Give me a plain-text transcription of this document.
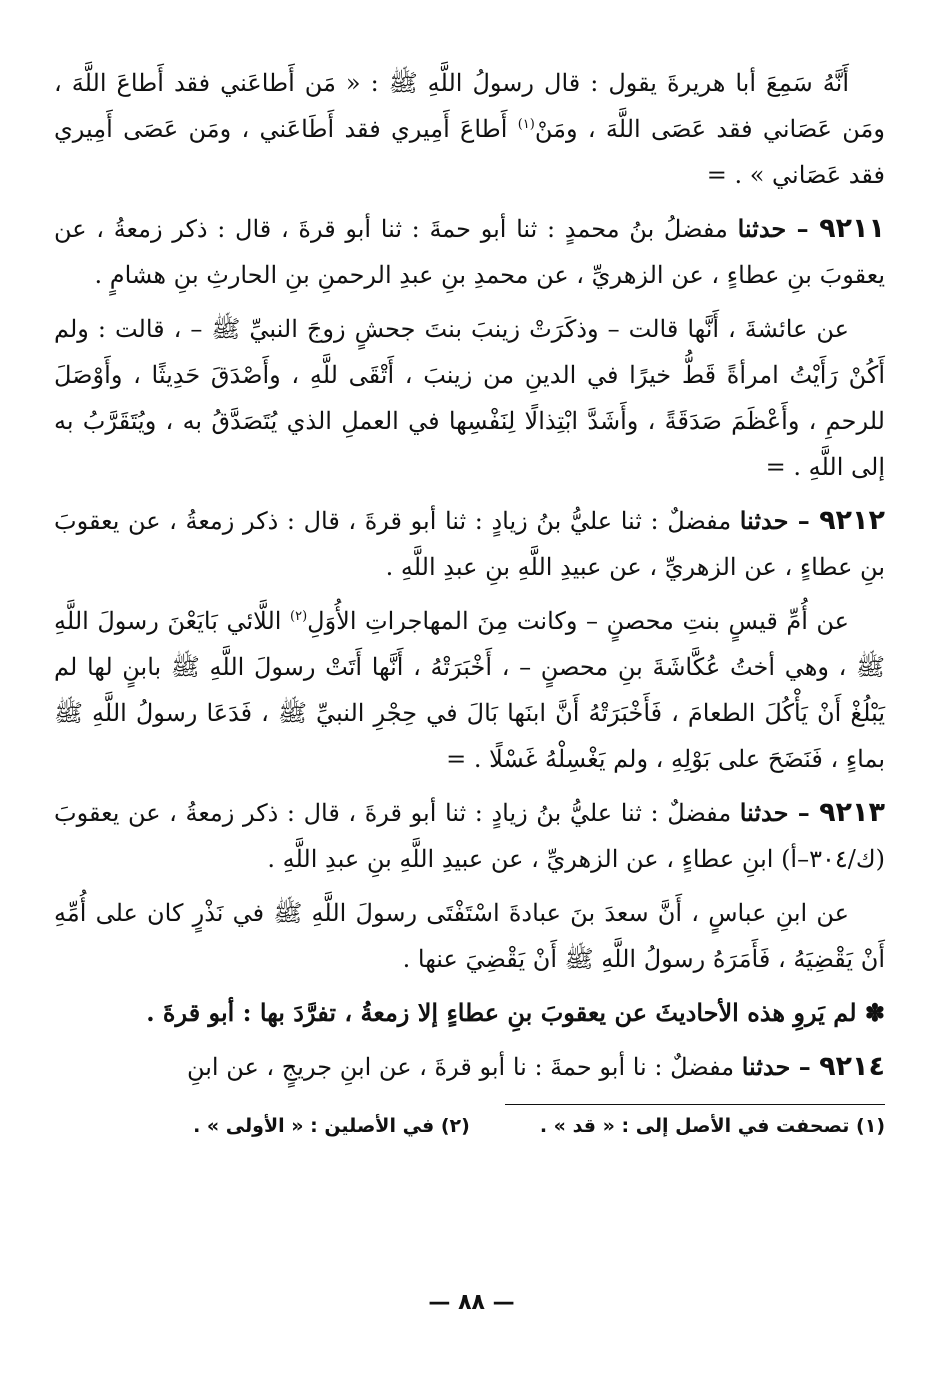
أَنَّهُ سَمِعَ أبا هريرةَ يقول : قال رسولُ اللَّهِ ﷺ : « مَن أَطاعَني فقد أَطاعَ اللَّهَ ، ومَن عَصَاني فقد عَصَى اللَّهَ ، ومَنْ$^{(١)}$ أَطاعَ أَمِيري فقد أَطَاعَني ، ومَن عَصَى أَمِيري فقد عَصَاني » . =

٩٢١١ – حدثنا مفضلُ بنُ محمدٍ : ثنا أبو حمةَ : ثنا أبو قرةَ ، قال : ذكر زمعةُ ، عن يعقوبَ بنِ عطاءٍ ، عن الزهريِّ ، عن محمدِ بنِ عبدِ الرحمنِ بنِ الحارثِ بنِ هشامٍ .

عن عائشةَ ، أَنَّها قالت – وذكَرَتْ زينبَ بنتَ جحشٍ زوجَ النبيِّ ﷺ – ، قالت : ولم أَكُنْ رَأَيْتُ امرأةً قَطُّ خيرًا في الدينِ من زينبَ ، أَتْقَى للَّهِ ، وأَصْدَقَ حَدِيثًا ، وأَوْصَلَ للرحمِ ، وأَعْظَمَ صَدَقَةً ، وأَشَدَّ ابْتِذالًا لِنَفْسِها في العملِ الذي يُتَصَدَّقُ به ، ويُتَقَرَّبُ به إلى اللَّهِ . =

٩٢١٢ – حدثنا مفضلٌ : ثنا عليُّ بنُ زيادٍ : ثنا أبو قرةَ ، قال : ذكر زمعةُ ، عن يعقوبَ بنِ عطاءٍ ، عن الزهريِّ ، عن عبيدِ اللَّهِ بنِ عبدِ اللَّهِ .

عن أُمِّ قيسٍ بنتِ محصنٍ – وكانت مِنَ المهاجراتِ الأُوَلِ$^{(٢)}$ اللَّائي بَايَعْنَ رسولَ اللَّهِ ﷺ ، وهي أختُ عُكَّاشَةَ بنِ محصنٍ – ، أَخْبَرَتْهُ ، أَنَّها أَتَتْ رسولَ اللَّهِ ﷺ بابنٍ لها لم يَبْلُغْ أَنْ يَأْكُلَ الطعامَ ، فَأَخْبَرَتْهُ أَنَّ ابنَها بَالَ في حِجْرِ النبيِّ ﷺ ، فَدَعَا رسولُ اللَّهِ ﷺ بماءٍ ، فَنَضَحَ على بَوْلِهِ ، ولم يَغْسِلْهُ غَسْلًا . =

٩٢١٣ – حدثنا مفضلٌ : ثنا عليُّ بنُ زيادٍ : ثنا أبو قرةَ ، قال : ذكر زمعةُ ، عن يعقوبَ (ك/٣٠٤–أ) ابنِ عطاءٍ ، عن الزهريِّ ، عن عبيدِ اللَّهِ بنِ عبدِ اللَّهِ .

عن ابنِ عباسٍ ، أَنَّ سعدَ بنَ عبادةَ اسْتَفْتَى رسولَ اللَّهِ ﷺ في نَذْرٍ كان على أُمِّهِ أَنْ يَقْضِيَهُ ، فَأَمَرَهُ رسولُ اللَّهِ ﷺ أَنْ يَقْضِيَ عنها .

✽ لم يَروِ هذه الأحاديثَ عن يعقوبَ بنِ عطاءٍ إلا زمعةُ ، تفرَّدَ بها : أبو قرةَ .

٩٢١٤ – حدثنا مفضلٌ : نا أبو حمةَ : نا أبو قرةَ ، عن ابنِ جريجٍ ، عن ابنِ

(١) تصحفت في الأصل إلى : « قد » .
(٢) في الأصلين : « الأولى » .
— ٨٨ —
